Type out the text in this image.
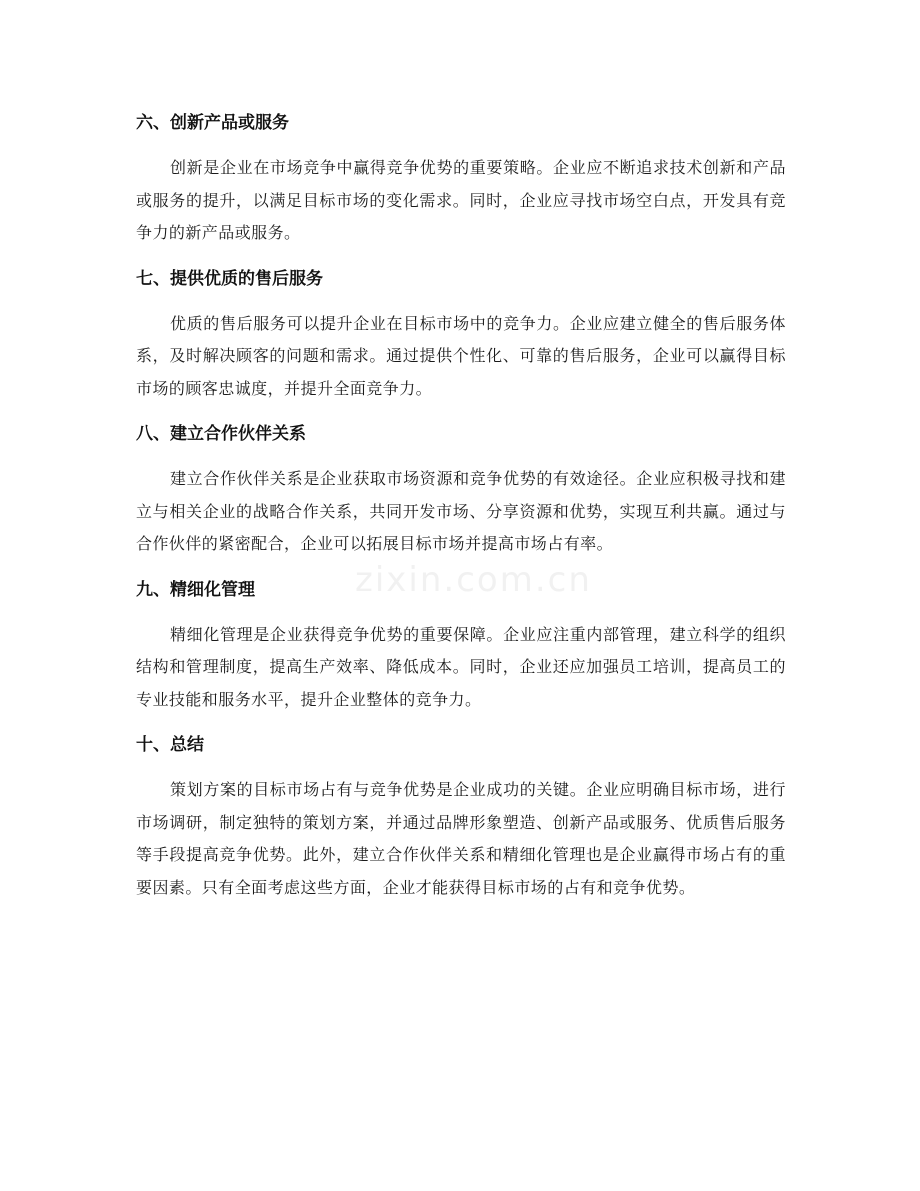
zixin.com.cn
六、创新产品或服务

创新是企业在市场竞争中赢得竞争优势的重要策略。企业应不断追求技术创新和产品或服务的提升，以满足目标市场的变化需求。同时，企业应寻找市场空白点，开发具有竞争力的新产品或服务。

七、提供优质的售后服务

优质的售后服务可以提升企业在目标市场中的竞争力。企业应建立健全的售后服务体系，及时解决顾客的问题和需求。通过提供个性化、可靠的售后服务，企业可以赢得目标市场的顾客忠诚度，并提升全面竞争力。

八、建立合作伙伴关系

建立合作伙伴关系是企业获取市场资源和竞争优势的有效途径。企业应积极寻找和建立与相关企业的战略合作关系，共同开发市场、分享资源和优势，实现互利共赢。通过与合作伙伴的紧密配合，企业可以拓展目标市场并提高市场占有率。

九、精细化管理

精细化管理是企业获得竞争优势的重要保障。企业应注重内部管理，建立科学的组织结构和管理制度，提高生产效率、降低成本。同时，企业还应加强员工培训，提高员工的专业技能和服务水平，提升企业整体的竞争力。

十、总结

策划方案的目标市场占有与竞争优势是企业成功的关键。企业应明确目标市场，进行市场调研，制定独特的策划方案，并通过品牌形象塑造、创新产品或服务、优质售后服务等手段提高竞争优势。此外，建立合作伙伴关系和精细化管理也是企业赢得市场占有的重要因素。只有全面考虑这些方面，企业才能获得目标市场的占有和竞争优势。
